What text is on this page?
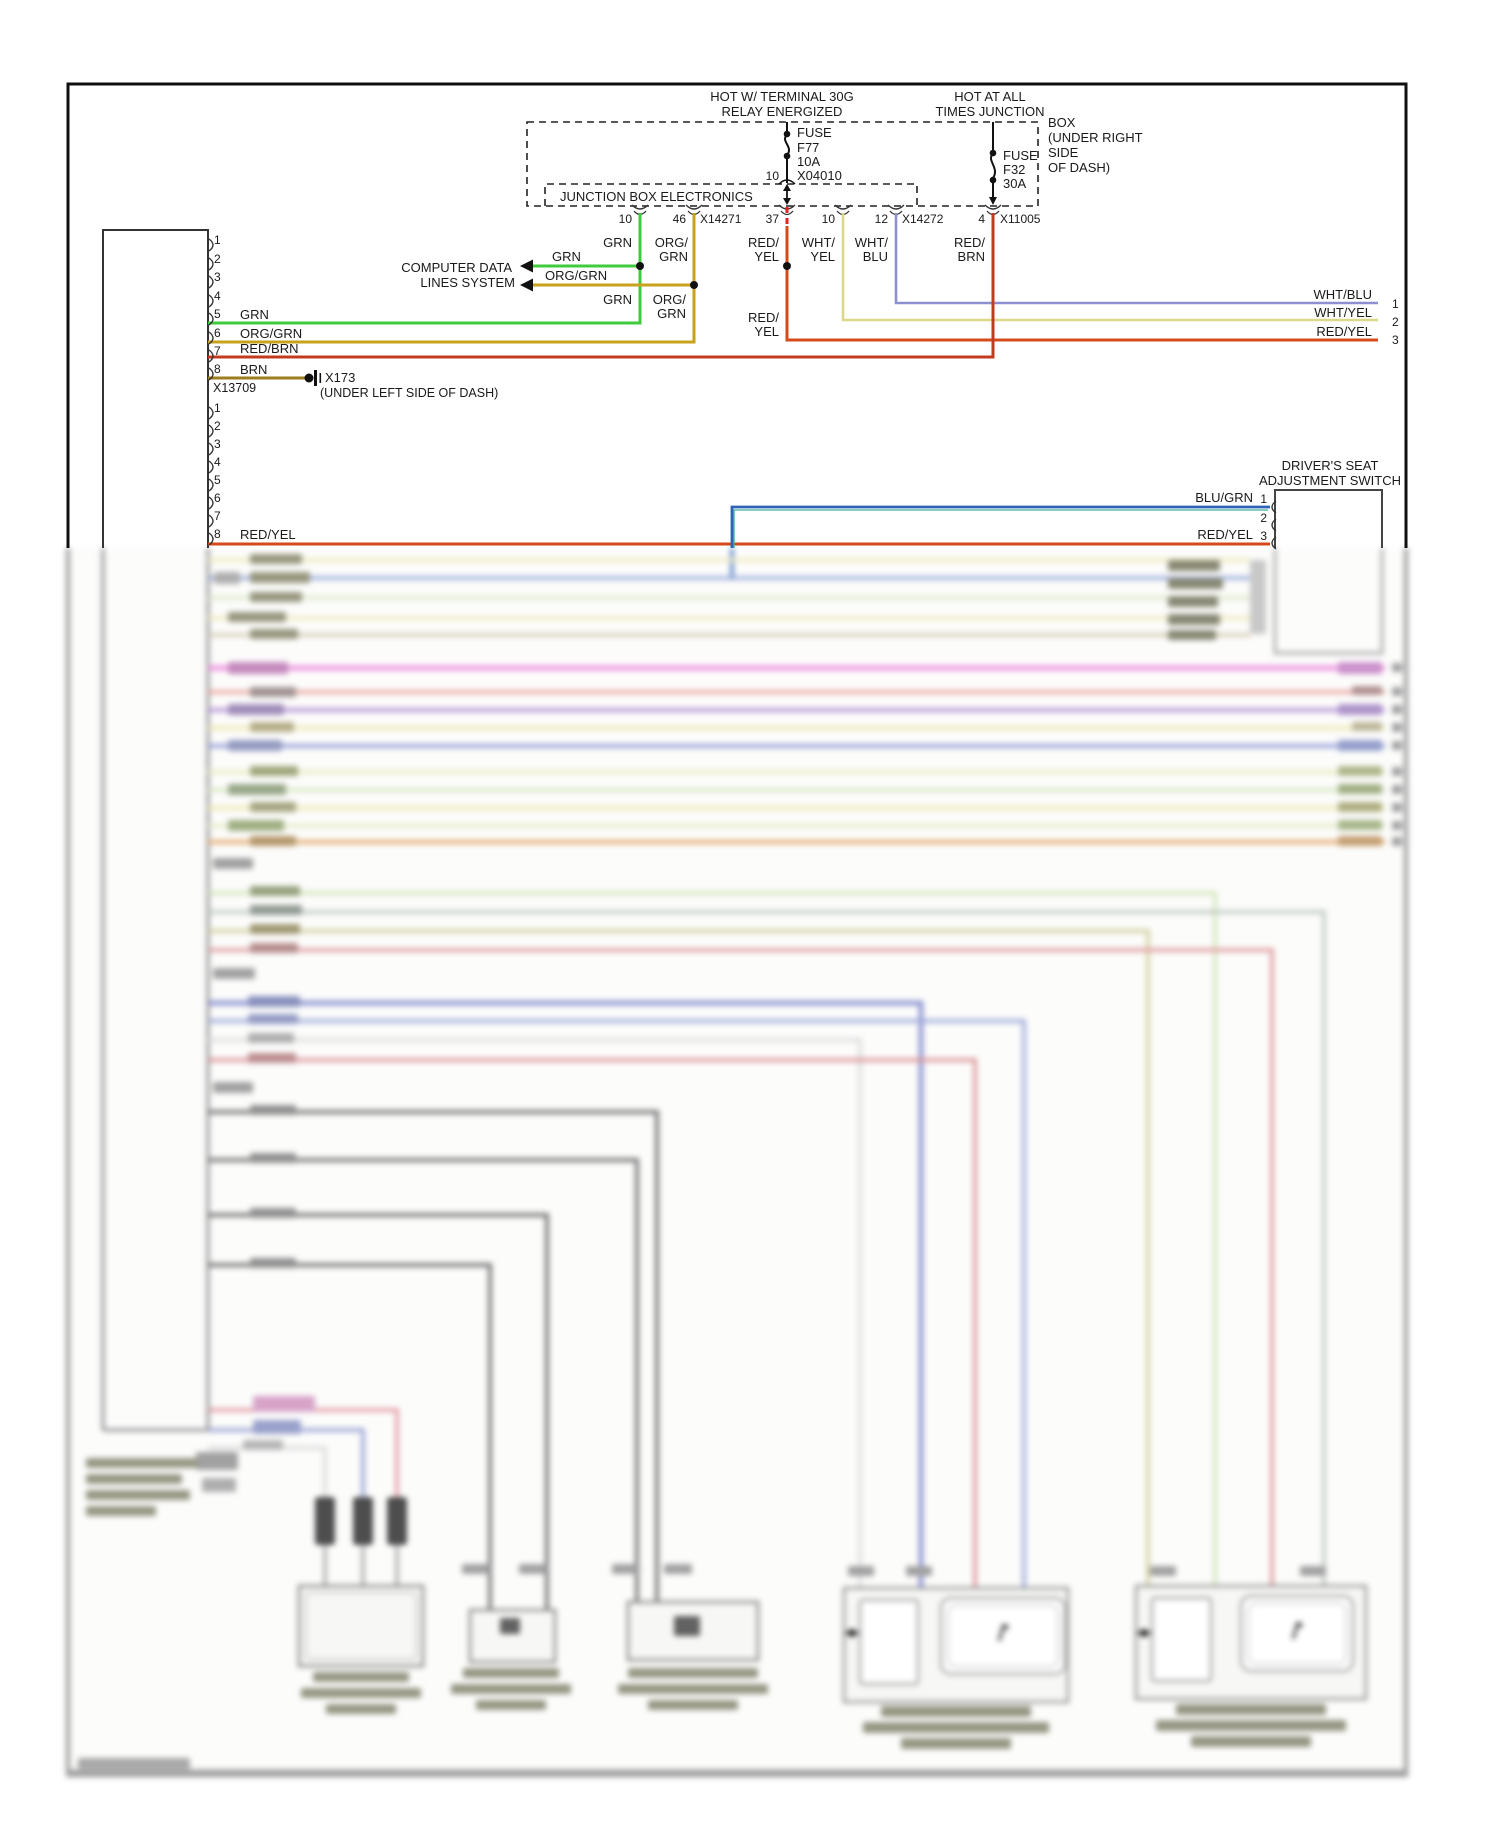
1
2
3
4
5
6
7
8
1
2
3
4
5
6
7
8
HOT W/ TERMINAL 30G
RELAY ENERGIZED
HOT AT ALL
TIMES JUNCTION
BOX
(UNDER RIGHT
SIDE
OF DASH)
FUSE
F77
10A
X04010
10
FUSE
F32
30A
JUNCTION BOX ELECTRONICS
10	46 X14271 37	10	12 X14272	4 X11005
GRN ORG/
GRN
RED/
YEL
WHT/
YEL
WHT/
BLU
RED/
BRN
COMPUTER DATA
LINES SYSTEM
GRN
ORG/GRN
GRN ORG/
GRN	RED/
YEL
GRN
ORG/GRN
RED/BRN
BRN
X13709
X173
(UNDER LEFT SIDE OF DASH)
RED/YEL
DRIVER'S SEAT
ADJUSTMENT SWITCH
1
2
3
BLU/GRN
RED/YEL
WHT/BLU
1
WHT/YEL
2
RED/YEL
3
